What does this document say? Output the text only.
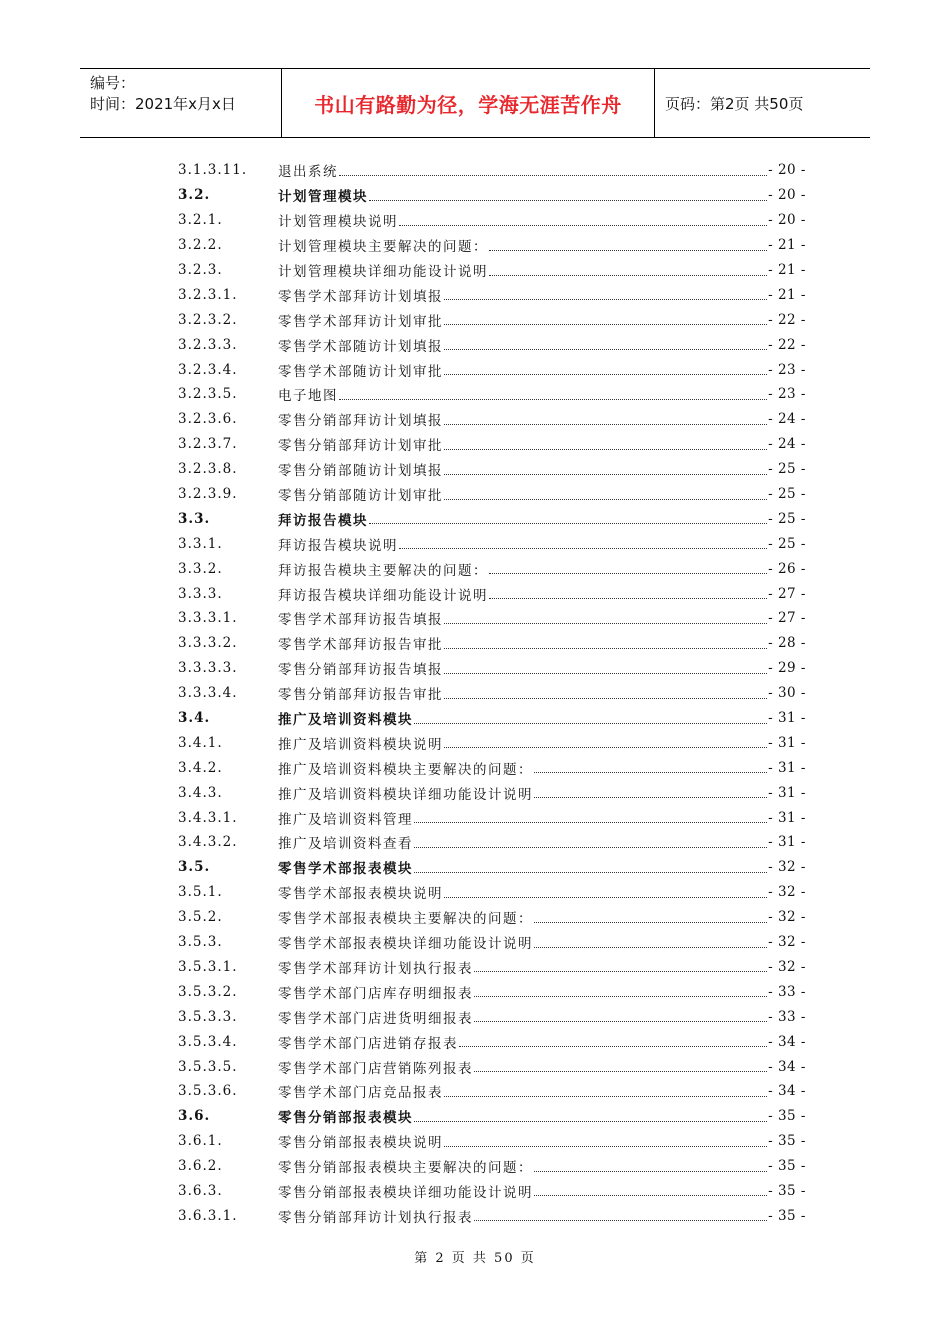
编号：
时间：2021年x月x日	书山有路勤为径，学海无涯苦作舟	页码：第2页 共50页
3.1.3.11.	退出系统	- 20 -
3.2.	计划管理模块	- 20 -
3.2.1.	计划管理模块说明	- 20 -
3.2.2.	计划管理模块主要解决的问题：	- 21 -
3.2.3.	计划管理模块详细功能设计说明	- 21 -
3.2.3.1.	零售学术部拜访计划填报	- 21 -
3.2.3.2.	零售学术部拜访计划审批	- 22 -
3.2.3.3.	零售学术部随访计划填报	- 22 -
3.2.3.4.	零售学术部随访计划审批	- 23 -
3.2.3.5.	电子地图	- 23 -
3.2.3.6.	零售分销部拜访计划填报	- 24 -
3.2.3.7.	零售分销部拜访计划审批	- 24 -
3.2.3.8.	零售分销部随访计划填报	- 25 -
3.2.3.9.	零售分销部随访计划审批	- 25 -
3.3.	拜访报告模块	- 25 -
3.3.1.	拜访报告模块说明	- 25 -
3.3.2.	拜访报告模块主要解决的问题：	- 26 -
3.3.3.	拜访报告模块详细功能设计说明	- 27 -
3.3.3.1.	零售学术部拜访报告填报	- 27 -
3.3.3.2.	零售学术部拜访报告审批	- 28 -
3.3.3.3.	零售分销部拜访报告填报	- 29 -
3.3.3.4.	零售分销部拜访报告审批	- 30 -
3.4.	推广及培训资料模块	- 31 -
3.4.1.	推广及培训资料模块说明	- 31 -
3.4.2.	推广及培训资料模块主要解决的问题：	- 31 -
3.4.3.	推广及培训资料模块详细功能设计说明	- 31 -
3.4.3.1.	推广及培训资料管理	- 31 -
3.4.3.2.	推广及培训资料查看	- 31 -
3.5.	零售学术部报表模块	- 32 -
3.5.1.	零售学术部报表模块说明	- 32 -
3.5.2.	零售学术部报表模块主要解决的问题：	- 32 -
3.5.3.	零售学术部报表模块详细功能设计说明	- 32 -
3.5.3.1.	零售学术部拜访计划执行报表	- 32 -
3.5.3.2.	零售学术部门店库存明细报表	- 33 -
3.5.3.3.	零售学术部门店进货明细报表	- 33 -
3.5.3.4.	零售学术部门店进销存报表	- 34 -
3.5.3.5.	零售学术部门店营销陈列报表	- 34 -
3.5.3.6.	零售学术部门店竞品报表	- 34 -
3.6.	零售分销部报表模块	- 35 -
3.6.1.	零售分销部报表模块说明	- 35 -
3.6.2.	零售分销部报表模块主要解决的问题：	- 35 -
3.6.3.	零售分销部报表模块详细功能设计说明	- 35 -
3.6.3.1.	零售分销部拜访计划执行报表	- 35 -
第 2 页 共 50 页
